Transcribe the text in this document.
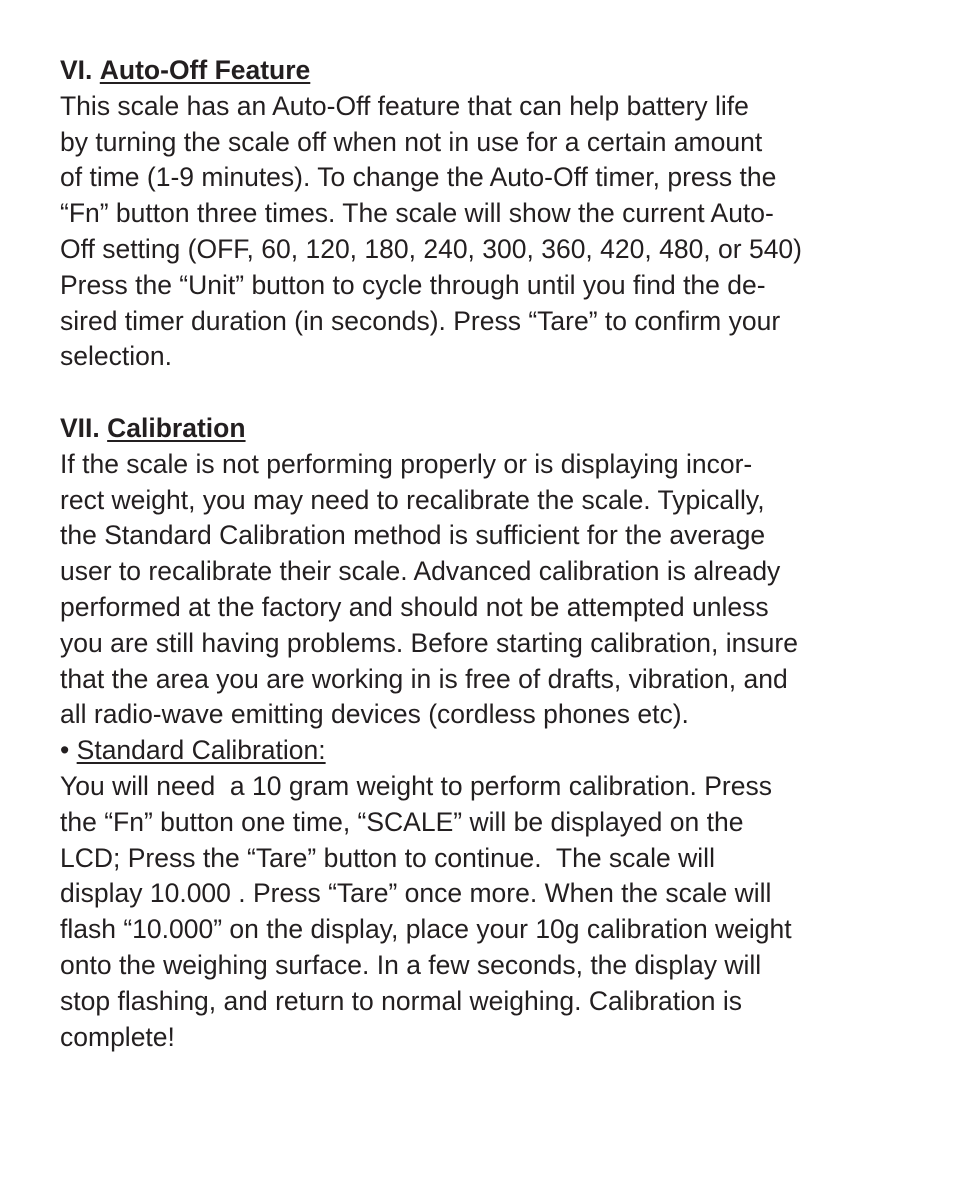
VI. Auto-Off Feature
This scale has an Auto-Off feature that can help battery life
by turning the scale off when not in use for a certain amount
of time (1-9 minutes). To change the Auto-Off timer, press the
“Fn” button three times. The scale will show the current Auto-
Off setting (OFF, 60, 120, 180, 240, 300, 360, 420, 480, or 540)
Press the “Unit” button to cycle through until you find the de-
sired timer duration (in seconds). Press “Tare” to confirm your
selection.
VII. Calibration
If the scale is not performing properly or is displaying incor-
rect weight, you may need to recalibrate the scale. Typically,
the Standard Calibration method is sufficient for the average
user to recalibrate their scale. Advanced calibration is already
performed at the factory and should not be attempted unless
you are still having problems. Before starting calibration, insure
that the area you are working in is free of drafts, vibration, and
all radio-wave emitting devices (cordless phones etc).
• Standard Calibration:
You will need  a 10 gram weight to perform calibration. Press
the “Fn” button one time, “SCALE” will be displayed on the
LCD; Press the “Tare” button to continue.  The scale will
display 10.000 . Press “Tare” once more. When the scale will
flash “10.000” on the display, place your 10g calibration weight
onto the weighing surface. In a few seconds, the display will
stop flashing, and return to normal weighing. Calibration is
complete!
